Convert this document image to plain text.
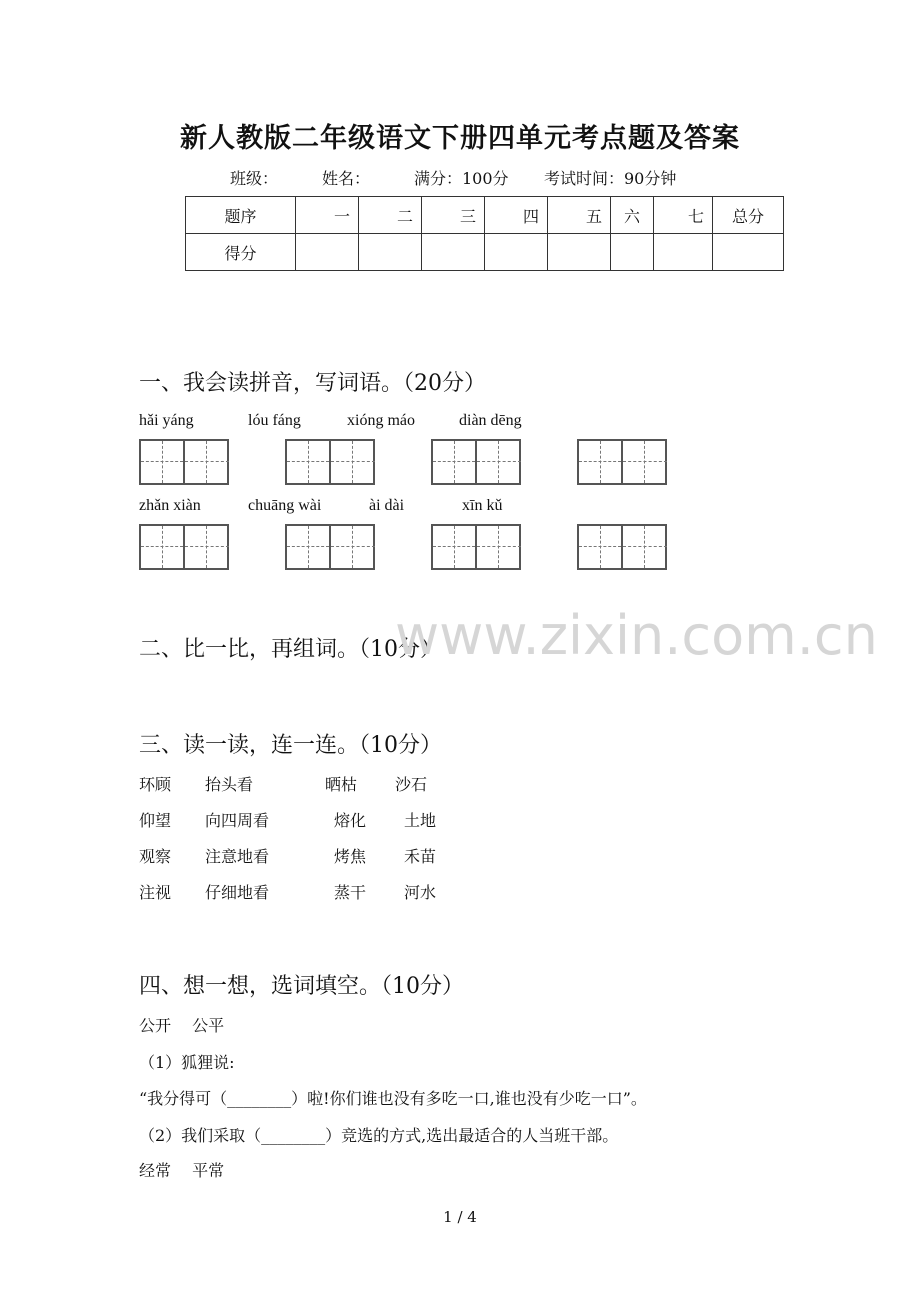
新人教版二年级语文下册四单元考点题及答案
班级：	姓名：	满分：100分 考试时间：90分钟
题序	一	二	三	四	五	六	七	总分
得分								
一、我会读拼音，写词语。（20分）
hǎi yáng	lóu fáng	xióng máo	diàn dēng
zhǎn xiàn	chuāng wài	ài dài	xīn kǔ
二、比一比，再组词。（10分）
www.zixin.com.cn
三、读一读，连一连。（10分）
环顾 抬头看	晒枯 沙石
仰望 向四周看	熔化 土地
观察 注意地看	烤焦 禾苗
注视 仔细地看	蒸干 河水
四、想一想，选词填空。（10分）
公开　 公平
（1）狐狸说:
“我分得可（________）啦!你们谁也没有多吃一口,谁也没有少吃一口”。
（2）我们采取（________）竞选的方式,选出最适合的人当班干部。
经常　 平常
1 / 4
